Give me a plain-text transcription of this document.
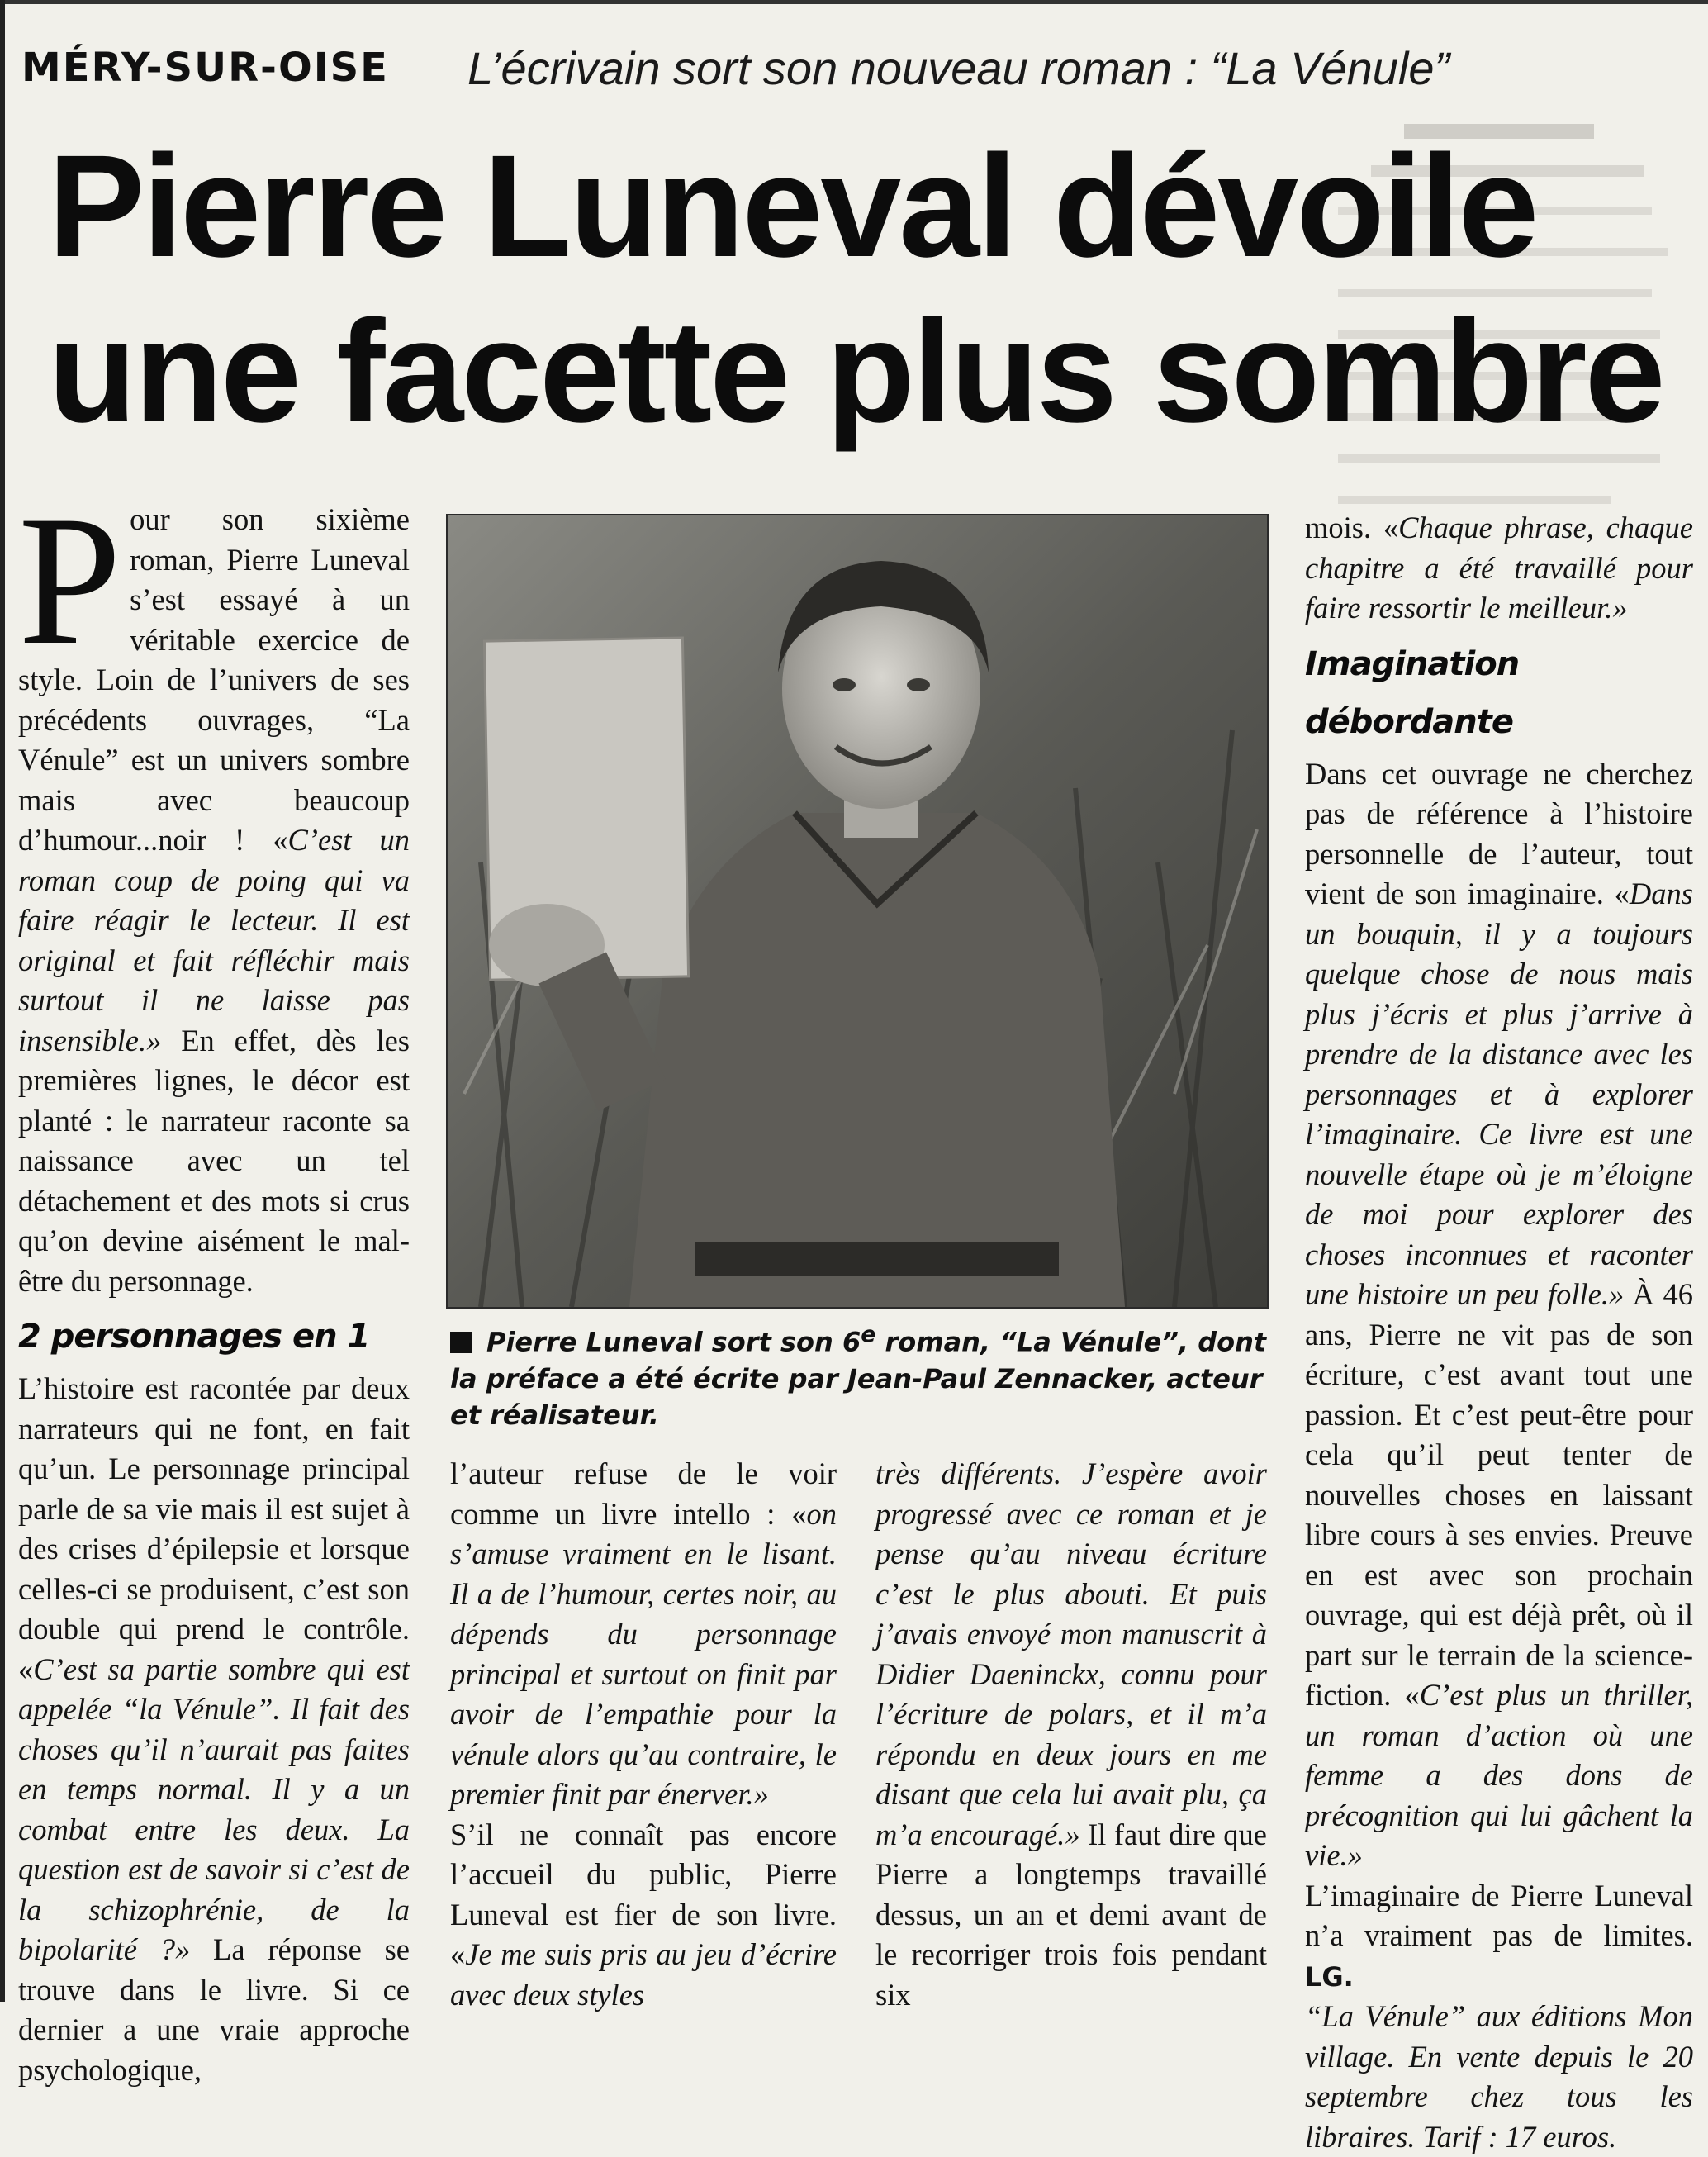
MÉRY-SUR-OISE L’écrivain sort son nouveau roman : “La Vénule”
Pierre Luneval dévoile
une facette plus sombre

Pour son sixième roman, Pierre Luneval s’est essayé à un véritable exercice de style. Loin de l’univers de ses précédents ouvrages, “La Vénule” est un univers sombre mais avec beaucoup d’humour...noir ! «C’est un roman coup de poing qui va faire réagir le lecteur. Il est original et fait réfléchir mais surtout il ne laisse pas insensible.» En effet, dès les premières lignes, le décor est planté : le narrateur raconte sa naissance avec un tel détachement et des mots si crus qu’on devine aisément le mal-être du personnage.

2 personnages en 1

L’histoire est racontée par deux narrateurs qui ne font, en fait qu’un. Le personnage principal parle de sa vie mais il est sujet à des crises d’épilepsie et lorsque celles-ci se produisent, c’est son double qui prend le contrôle. «C’est sa partie sombre qui est appelée “la Vénule”. Il fait des choses qu’il n’aurait pas faites en temps normal. Il y a un combat entre les deux. La question est de savoir si c’est de la schizophrénie, de la bipolarité ?» La réponse se trouve dans le livre. Si ce dernier a une vraie approche psychologique,

Pierre Luneval sort son 6e roman, “La Vénule”, dont la préface a été écrite par Jean-Paul Zennacker, acteur et réalisateur.

l’auteur refuse de le voir comme un livre intello : «on s’amuse vraiment en le lisant. Il a de l’humour, certes noir, au dépends du personnage principal et surtout on finit par avoir de l’empathie pour la vénule alors qu’au contraire, le premier finit par énerver.»

S’il ne connaît pas encore l’accueil du public, Pierre Luneval est fier de son livre. «Je me suis pris au jeu d’écrire avec deux styles

très différents. J’espère avoir progressé avec ce roman et je pense qu’au niveau écriture c’est le plus abouti. Et puis j’avais envoyé mon manuscrit à Didier Daeninckx, connu pour l’écriture de polars, et il m’a répondu en deux jours en me disant que cela lui avait plu, ça m’a encouragé.» Il faut dire que Pierre a longtemps travaillé dessus, un an et demi avant de le recorriger trois fois pendant six

mois. «Chaque phrase, chaque chapitre a été travaillé pour faire ressortir le meilleur.»

Imagination débordante

Dans cet ouvrage ne cherchez pas de référence à l’histoire personnelle de l’auteur, tout vient de son imaginaire. «Dans un bouquin, il y a toujours quelque chose de nous mais plus j’écris et plus j’arrive à prendre de la distance avec les personnages et à explorer l’imaginaire. Ce livre est une nouvelle étape où je m’éloigne de moi pour explorer des choses inconnues et raconter une histoire un peu folle.» À 46 ans, Pierre ne vit pas de son écriture, c’est avant tout une passion. Et c’est peut-être pour cela qu’il peut tenter de nouvelles choses en laissant libre cours à ses envies. Preuve en est avec son prochain ouvrage, qui est déjà prêt, où il part sur le terrain de la science-fiction. «C’est plus un thriller, un roman d’action où une femme a des dons de précognition qui lui gâchent la vie.»

L’imaginaire de Pierre Luneval n’a vraiment pas de limites. LG.

“La Vénule” aux éditions Mon village. En vente depuis le 20 septembre chez tous les libraires. Tarif : 17 euros.
